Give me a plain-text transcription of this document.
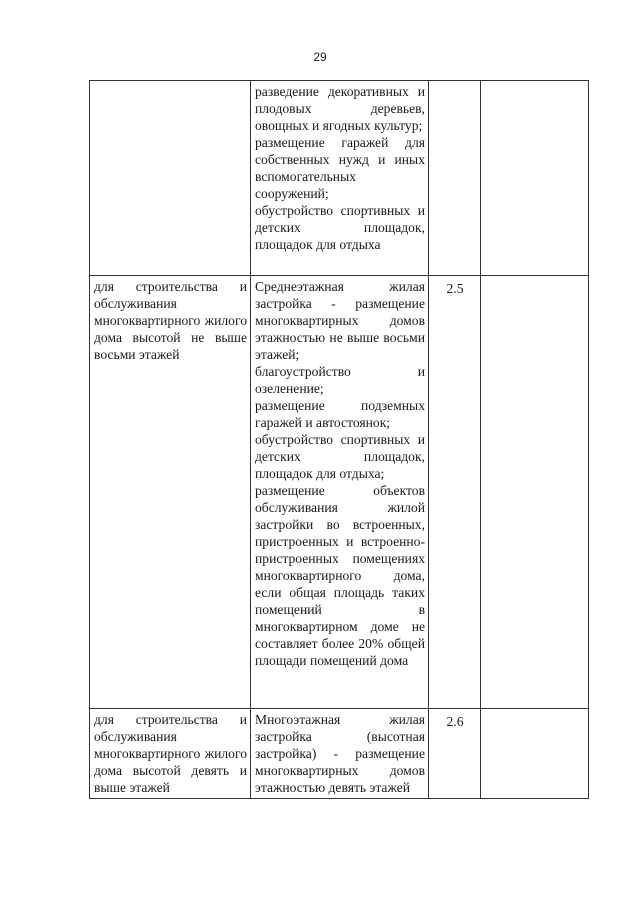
29

	разведение декоративных и плодовых деревьев, овощных и ягодных культур;
размещение гаражей для собственных нужд и иных вспомогательных сооружений;
обустройство спортивных и детских площадок, площадок для отдыха		

для строительства и обслуживания многоквартирного жилого дома высотой не выше восьми этажей	Среднеэтажная жилая застройка - размещение многоквартирных домов этажностью не выше восьми этажей;
благоустройство и озеленение;
размещение подземных гаражей и автостоянок;
обустройство спортивных и детских площадок, площадок для отдыха;
размещение объектов обслуживания жилой застройки во встроенных, пристроенных и встроенно-пристроенных помещениях многоквартирного дома, если общая площадь таких помещений в многоквартирном доме не составляет более 20% общей площади помещений дома	2.5	

для строительства и обслуживания многоквартирного жилого дома высотой девять и выше этажей	Многоэтажная жилая застройка (высотная застройка) - размещение многоквартирных домов этажностью девять этажей	2.6	
